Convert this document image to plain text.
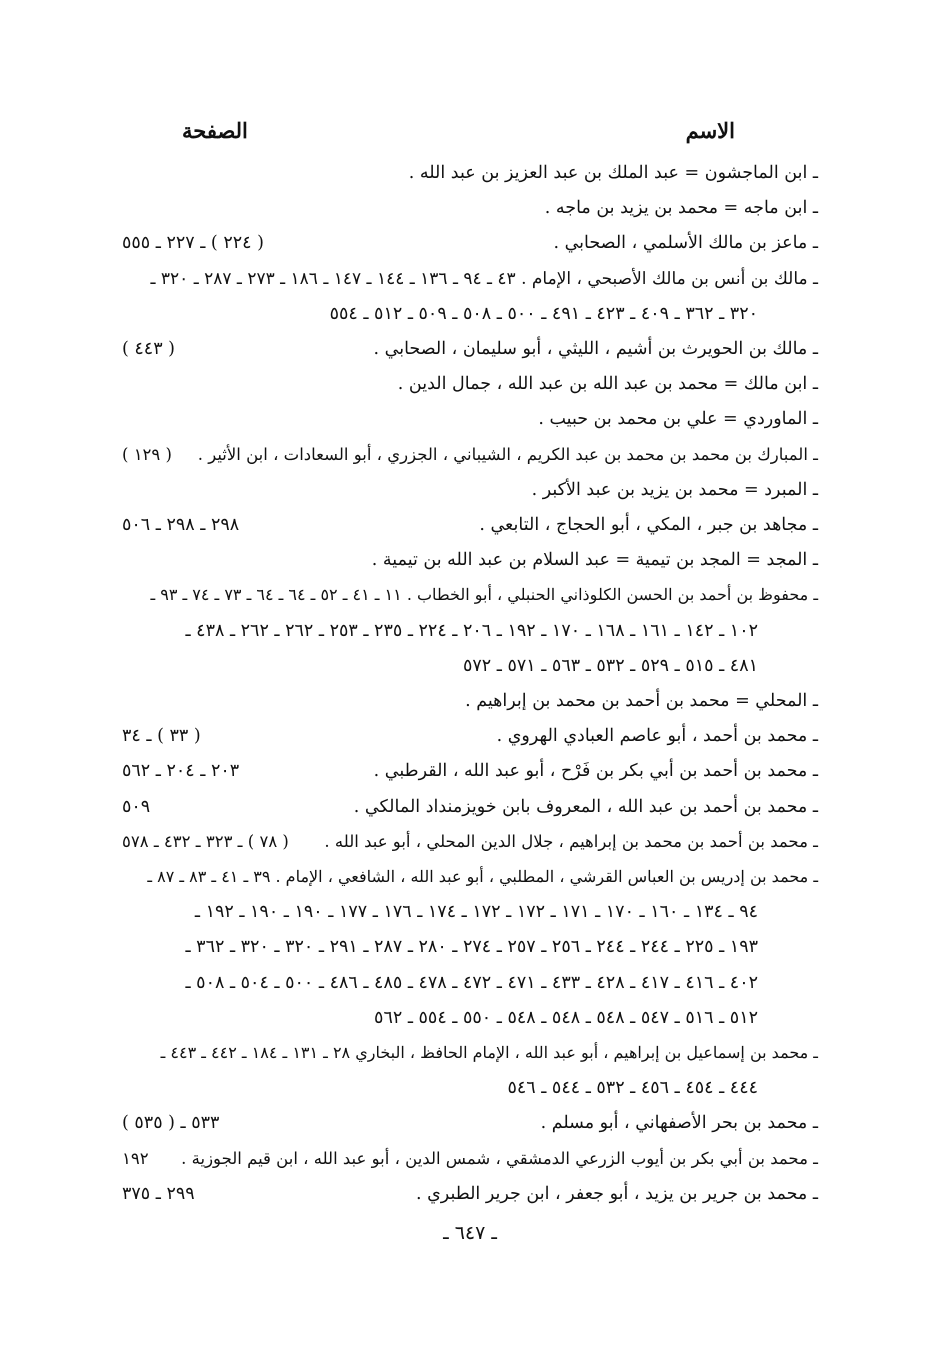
الاسم
الصفحة
ـ ابن الماجشون = عبد الملك بن عبد العزيز بن عبد الله .
ـ ابن ماجه = محمد بن يزيد بن ماجه .
ـ ماعز بن مالك الأسلمي ، الصحابي .
( ٢٢٤ ) ـ ٢٢٧ ـ ٥٥٥
ـ مالك بن أنس بن مالك الأصبحي ، الإمام . ٤٣ ـ ٩٤ ـ ١٣٦ ـ ١٤٤ ـ ١٤٧ ـ ١٨٦ ـ ٢٧٣ ـ ٢٨٧ ـ ٣٢٠ ـ
٣٢٠ ـ ٣٦٢ ـ ٤٠٩ ـ ٤٢٣ ـ ٤٩١ ـ ٥٠٠ ـ ٥٠٨ ـ ٥٠٩ ـ ٥١٢ ـ ٥٥٤
ـ مالك بن الحويرث بن أشيم ، الليثي ، أبو سليمان ، الصحابي .
( ٤٤٣ )
ـ ابن مالك = محمد بن عبد الله بن عبد الله ، جمال الدين .
ـ الماوردي = علي بن محمد بن حبيب .
ـ المبارك بن محمد بن محمد بن عبد الكريم ، الشيباني ، الجزري ، أبو السعادات ، ابن الأثير .
( ١٢٩ )
ـ المبرد = محمد بن يزيد بن عبد الأكبر .
ـ مجاهد بن جبر ، المكي ، أبو الحجاج ، التابعي .
٢٩٨ ـ ٢٩٨ ـ ٥٠٦
ـ المجد = المجد بن تيمية = عبد السلام بن عبد الله بن تيمية .
ـ محفوظ بن أحمد بن الحسن الكلوذاني الحنبلي ، أبو الخطاب . ١١ ـ ٤١ ـ ٥٢ ـ ٦٤ ـ ٦٤ ـ ٧٣ ـ ٧٤ ـ ٩٣ ـ
١٠٢ ـ ١٤٢ ـ ١٦١ ـ ١٦٨ ـ ١٧٠ ـ ١٩٢ ـ ٢٠٦ ـ ٢٢٤ ـ ٢٣٥ ـ ٢٥٣ ـ ٢٦٢ ـ ٢٦٢ ـ ٤٣٨ ـ
٤٨١ ـ ٥١٥ ـ ٥٢٩ ـ ٥٣٢ ـ ٥٦٣ ـ ٥٧١ ـ ٥٧٢
ـ المحلي = محمد بن أحمد بن محمد بن إبراهيم .
ـ محمد بن أحمد ، أبو عاصم العبادي الهروي .
( ٣٣ ) ـ ٣٤
ـ محمد بن أحمد بن أبي بكر بن فَرْح ، أبو عبد الله ، القرطبي .
٢٠٣ ـ ٢٠٤ ـ ٥٦٢
ـ محمد بن أحمد بن عبد الله ، المعروف بابن خويزمنداد المالكي .
٥٠٩
ـ محمد بن أحمد بن محمد بن إبراهيم ، جلال الدين المحلي ، أبو عبد الله .
( ٧٨ ) ـ ٣٢٣ ـ ٤٣٢ ـ ٥٧٨
ـ محمد بن إدريس بن العباس القرشي ، المطلبي ، أبو عبد الله ، الشافعي ، الإمام . ٣٩ ـ ٤١ ـ ٨٣ ـ ٨٧ ـ
٩٤ ـ ١٣٤ ـ ١٦٠ ـ ١٧٠ ـ ١٧١ ـ ١٧٢ ـ ١٧٢ ـ ١٧٤ ـ ١٧٦ ـ ١٧٧ ـ ١٩٠ ـ ١٩٠ ـ ١٩٢ ـ
١٩٣ ـ ٢٢٥ ـ ٢٤٤ ـ ٢٤٤ ـ ٢٥٦ ـ ٢٥٧ ـ ٢٧٤ ـ ٢٨٠ ـ ٢٨٧ ـ ٢٩١ ـ ٣٢٠ ـ ٣٢٠ ـ ٣٦٢ ـ
٤٠٢ ـ ٤١٦ ـ ٤١٧ ـ ٤٢٨ ـ ٤٣٣ ـ ٤٧١ ـ ٤٧٢ ـ ٤٧٨ ـ ٤٨٥ ـ ٤٨٦ ـ ٥٠٠ ـ ٥٠٤ ـ ٥٠٨ ـ
٥١٢ ـ ٥١٦ ـ ٥٤٧ ـ ٥٤٨ ـ ٥٤٨ ـ ٥٤٨ ـ ٥٥٠ ـ ٥٥٤ ـ ٥٦٢
ـ محمد بن إسماعيل بن إبراهيم ، أبو عبد الله ، الإمام الحافظ ، البخاري ٢٨ ـ ١٣١ ـ ١٨٤ ـ ٤٤٢ ـ ٤٤٣ ـ
٤٤٤ ـ ٤٥٤ ـ ٤٥٦ ـ ٥٣٢ ـ ٥٤٤ ـ ٥٤٦
ـ محمد بن بحر الأصفهاني ، أبو مسلم .
٥٣٣ ـ ( ٥٣٥ )
ـ محمد بن أبي بكر بن أيوب الزرعي الدمشقي ، شمس الدين ، أبو عبد الله ، ابن قيم الجوزية .
١٩٢
ـ محمد بن جرير بن يزيد ، أبو جعفر ، ابن جرير الطبري .
٢٩٩ ـ ٣٧٥
ـ ٦٤٧ ـ
